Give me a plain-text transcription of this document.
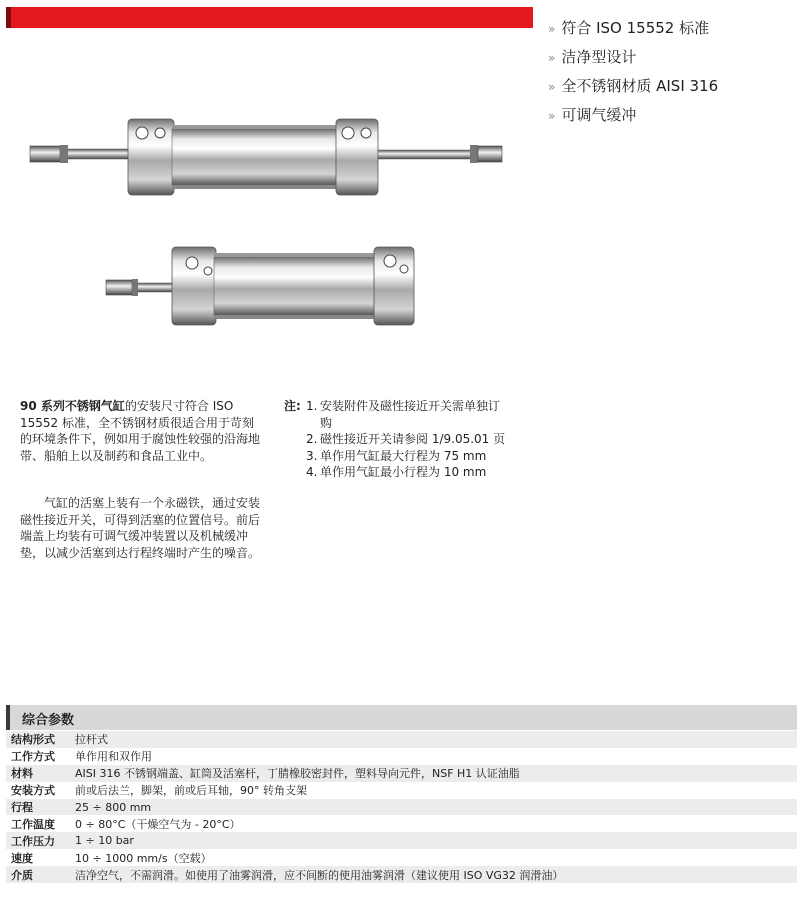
» 符合 ISO 15552 标准
» 洁净型设计
» 全不锈钢材质 AISI 316
» 可调气缓冲

90 系列不锈钢气缸的安装尺寸符合 ISO 15552 标准，全不锈钢材质很适合用于苛刻的环境条件下，例如用于腐蚀性较强的沿海地带、船舶上以及制药和食品工业中。

气缸的活塞上装有一个永磁铁，通过安装磁性接近开关，可得到活塞的位置信号。前后端盖上均装有可调气缓冲装置以及机械缓冲垫，以减少活塞到达行程终端时产生的噪音。

注: 1. 安装附件及磁性接近开关需单独订
购
2. 磁性接近开关请参阅 1/9.05.01 页
3. 单作用气缸最大行程为 75 mm
4. 单作用气缸最小行程为 10 mm
综合参数
结构形式	拉杆式
工作方式	单作用和双作用
材料	AISI 316 不锈钢端盖、缸筒及活塞杆，丁腈橡胶密封件，塑料导向元件，NSF H1 认证油脂
安装方式	前或后法兰，脚架，前或后耳轴，90° 转角支架
行程	25 ÷ 800 mm
工作温度	0 ÷ 80°C（干燥空气为 - 20°C）
工作压力	1 ÷ 10 bar
速度	10 ÷ 1000 mm/s（空载）
介质	洁净空气，不需润滑。如使用了油雾润滑，应不间断的使用油雾润滑（建议使用 ISO VG32 润滑油）
